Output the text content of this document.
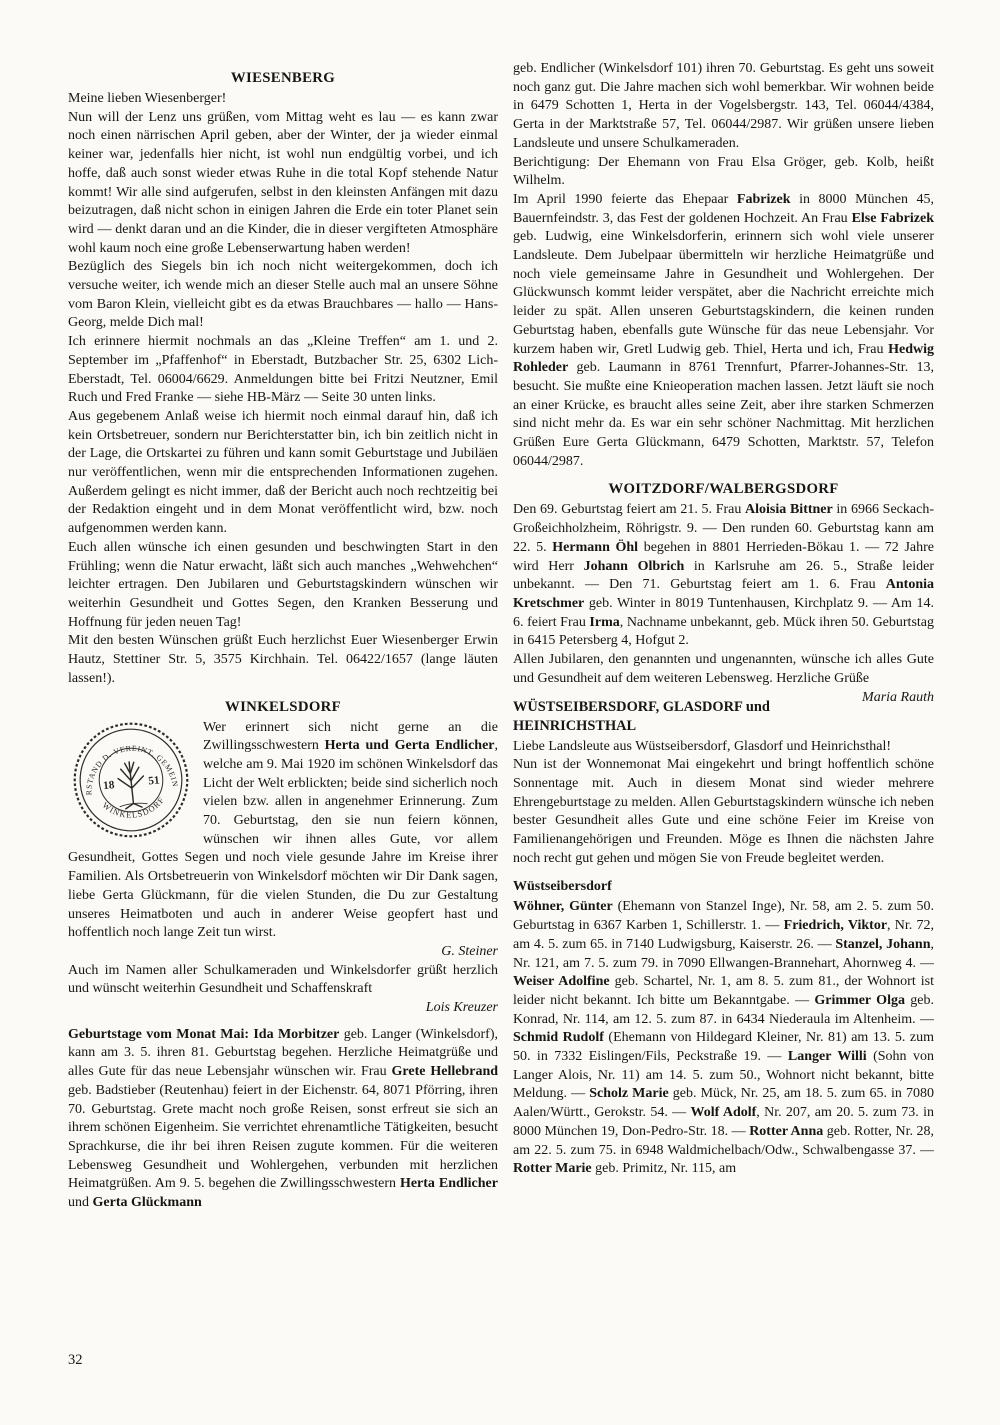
WIESENBERG

Meine lieben Wiesenberger!

Nun will der Lenz uns grüßen, vom Mittag weht es lau — es kann zwar noch einen närrischen April geben, aber der Winter, der ja wieder einmal keiner war, jedenfalls hier nicht, ist wohl nun endgültig vorbei, und ich hoffe, daß auch sonst wieder etwas Ruhe in die total Kopf stehende Natur kommt! Wir alle sind aufgerufen, selbst in den kleinsten Anfängen mit dazu beizutragen, daß nicht schon in einigen Jahren die Erde ein toter Planet sein wird — denkt daran und an die Kinder, die in dieser vergifteten Atmosphäre wohl kaum noch eine große Lebenserwartung haben werden!

Bezüglich des Siegels bin ich noch nicht weitergekommen, doch ich versuche weiter, ich wende mich an dieser Stelle auch mal an unsere Söhne vom Baron Klein, vielleicht gibt es da etwas Brauchbares — hallo — Hans-Georg, melde Dich mal!

Ich erinnere hiermit nochmals an das „Kleine Treffen“ am 1. und 2. September im „Pfaffenhof“ in Eberstadt, Butzbacher Str. 25, 6302 Lich-Eberstadt, Tel. 06004/6629. Anmeldungen bitte bei Fritzi Neutzner, Emil Ruch und Fred Franke — siehe HB-März — Seite 30 unten links.

Aus gegebenem Anlaß weise ich hiermit noch einmal darauf hin, daß ich kein Ortsbetreuer, sondern nur Berichterstatter bin, ich bin zeitlich nicht in der Lage, die Ortskartei zu führen und kann somit Geburtstage und Jubiläen nur veröffentlichen, wenn mir die entsprechenden Informationen zugehen. Außerdem gelingt es nicht immer, daß der Bericht auch noch rechtzeitig bei der Redaktion eingeht und in dem Monat veröffentlicht wird, bzw. noch aufgenommen werden kann.

Euch allen wünsche ich einen gesunden und beschwingten Start in den Frühling; wenn die Natur erwacht, läßt sich auch manches „Wehwehchen“ leichter ertragen. Den Jubilaren und Geburtstagskindern wünschen wir weiterhin Gesundheit und Gottes Segen, den Kranken Besserung und Hoffnung für jeden neuen Tag!

Mit den besten Wünschen grüßt Euch herzlichst Euer Wiesenberger Erwin Hautz, Stettiner Str. 5, 3575 Kirchhain. Tel. 06422/1657 (lange läuten lassen!).

WINKELSDORF
VORSTAND D. VEREINT. GEMEINDE
WINKELSDORF
18	51

Wer erinnert sich nicht gerne an die Zwillingsschwestern Herta und Gerta Endlicher, welche am 9. Mai 1920 im schönen Winkelsdorf das Licht der Welt erblickten; beide sind sicherlich noch vielen bzw. allen in angenehmer Erinnerung. Zum 70. Geburtstag, den sie nun feiern können, wünschen wir ihnen alles Gute, vor allem Gesundheit, Gottes Segen und noch viele gesunde Jahre im Kreise ihrer Familien. Als Ortsbetreuerin von Winkelsdorf möchten wir Dir Dank sagen, liebe Gerta Glückmann, für die vielen Stunden, die Du zur Gestaltung unseres Heimatboten und auch in anderer Weise geopfert hast und hoffentlich noch lange Zeit tun wirst.

G. Steiner

Auch im Namen aller Schulkameraden und Winkelsdorfer grüßt herzlich und wünscht weiterhin Gesundheit und Schaffenskraft

Lois Kreuzer

Geburtstage vom Monat Mai: Ida Morbitzer geb. Langer (Winkelsdorf), kann am 3. 5. ihren 81. Geburtstag begehen. Herzliche Heimatgrüße und alles Gute für das neue Lebensjahr wünschen wir. Frau Grete Hellebrand geb. Badstieber (Reutenhau) feiert in der Eichenstr. 64, 8071 Pförring, ihren 70. Geburtstag. Grete macht noch große Reisen, sonst erfreut sie sich an ihrem schönen Eigenheim. Sie verrichtet ehrenamtliche Tätigkeiten, besucht Sprachkurse, die ihr bei ihren Reisen zugute kommen. Für die weiteren Lebensweg Gesundheit und Wohlergehen, verbunden mit herzlichen Heimatgrüßen. Am 9. 5. begehen die Zwillingsschwestern Herta Endlicher und Gerta Glückmann

geb. Endlicher (Winkelsdorf 101) ihren 70. Geburtstag. Es geht uns soweit noch ganz gut. Die Jahre machen sich wohl bemerkbar. Wir wohnen beide in 6479 Schotten 1, Herta in der Vogelsbergstr. 143, Tel. 06044/4384, Gerta in der Marktstraße 57, Tel. 06044/2987. Wir grüßen unsere lieben Landsleute und unsere Schulkameraden.

Berichtigung: Der Ehemann von Frau Elsa Gröger, geb. Kolb, heißt Wilhelm.

Im April 1990 feierte das Ehepaar Fabrizek in 8000 München 45, Bauernfeindstr. 3, das Fest der goldenen Hochzeit. An Frau Else Fabrizek geb. Ludwig, eine Winkelsdorferin, erinnern sich wohl viele unserer Landsleute. Dem Jubelpaar übermitteln wir herzliche Heimatgrüße und noch viele gemeinsame Jahre in Gesundheit und Wohlergehen. Der Glückwunsch kommt leider verspätet, aber die Nachricht erreichte mich leider zu spät. Allen unseren Geburtstagskindern, die keinen runden Geburtstag haben, ebenfalls gute Wünsche für das neue Lebensjahr. Vor kurzem haben wir, Gretl Ludwig geb. Thiel, Herta und ich, Frau Hedwig Rohleder geb. Laumann in 8761 Trennfurt, Pfarrer-Johannes-Str. 13, besucht. Sie mußte eine Knieoperation machen lassen. Jetzt läuft sie noch an einer Krücke, es braucht alles seine Zeit, aber ihre starken Schmerzen sind nicht mehr da. Es war ein sehr schöner Nachmittag. Mit herzlichen Grüßen Eure Gerta Glückmann, 6479 Schotten, Marktstr. 57, Telefon 06044/2987.

WOITZDORF/WALBERGSDORF

Den 69. Geburtstag feiert am 21. 5. Frau Aloisia Bittner in 6966 Seckach-Großeichholzheim, Röhrigstr. 9. — Den runden 60. Geburtstag kann am 22. 5. Hermann Öhl begehen in 8801 Herrieden-Bökau 1. — 72 Jahre wird Herr Johann Olbrich in Karlsruhe am 26. 5., Straße leider unbekannt. — Den 71. Geburtstag feiert am 1. 6. Frau Antonia Kretschmer geb. Winter in 8019 Tuntenhausen, Kirchplatz 9. — Am 14. 6. feiert Frau Irma, Nachname unbekannt, geb. Mück ihren 50. Geburtstag in 6415 Petersberg 4, Hofgut 2.

Allen Jubilaren, den genannten und ungenannten, wünsche ich alles Gute und Gesundheit auf dem weiteren Lebensweg. Herzliche Grüße
Maria Rauth

WÜSTSEIBERSDORF, GLASDORF und HEINRICHSTHAL

Liebe Landsleute aus Wüstseibersdorf, Glasdorf und Heinrichsthal!

Nun ist der Wonnemonat Mai eingekehrt und bringt hoffentlich schöne Sonnentage mit. Auch in diesem Monat sind wieder mehrere Ehrengeburtstage zu melden. Allen Geburtstagskindern wünsche ich neben bester Gesundheit alles Gute und eine schöne Feier im Kreise von Familienangehörigen und Freunden. Möge es Ihnen die nächsten Jahre noch recht gut gehen und mögen Sie von Freude begleitet werden.

Wüstseibersdorf

Wöhner, Günter (Ehemann von Stanzel Inge), Nr. 58, am 2. 5. zum 50. Geburtstag in 6367 Karben 1, Schillerstr. 1. — Friedrich, Viktor, Nr. 72, am 4. 5. zum 65. in 7140 Ludwigsburg, Kaiserstr. 26. — Stanzel, Johann, Nr. 121, am 7. 5. zum 79. in 7090 Ellwangen-Brannehart, Ahornweg 4. — Weiser Adolfine geb. Schartel, Nr. 1, am 8. 5. zum 81., der Wohnort ist leider nicht bekannt. Ich bitte um Bekanntgabe. — Grimmer Olga geb. Konrad, Nr. 114, am 12. 5. zum 87. in 6434 Niederaula im Altenheim. — Schmid Rudolf (Ehemann von Hildegard Kleiner, Nr. 81) am 13. 5. zum 50. in 7332 Eislingen/Fils, Peckstraße 19. — Langer Willi (Sohn von Langer Alois, Nr. 11) am 14. 5. zum 50., Wohnort nicht bekannt, bitte Meldung. — Scholz Marie geb. Mück, Nr. 25, am 18. 5. zum 65. in 7080 Aalen/Württ., Gerokstr. 54. — Wolf Adolf, Nr. 207, am 20. 5. zum 73. in 8000 München 19, Don-Pedro-Str. 18. — Rotter Anna geb. Rotter, Nr. 28, am 22. 5. zum 75. in 6948 Waldmichelbach/Odw., Schwalbengasse 37. — Rotter Marie geb. Primitz, Nr. 115, am

32
